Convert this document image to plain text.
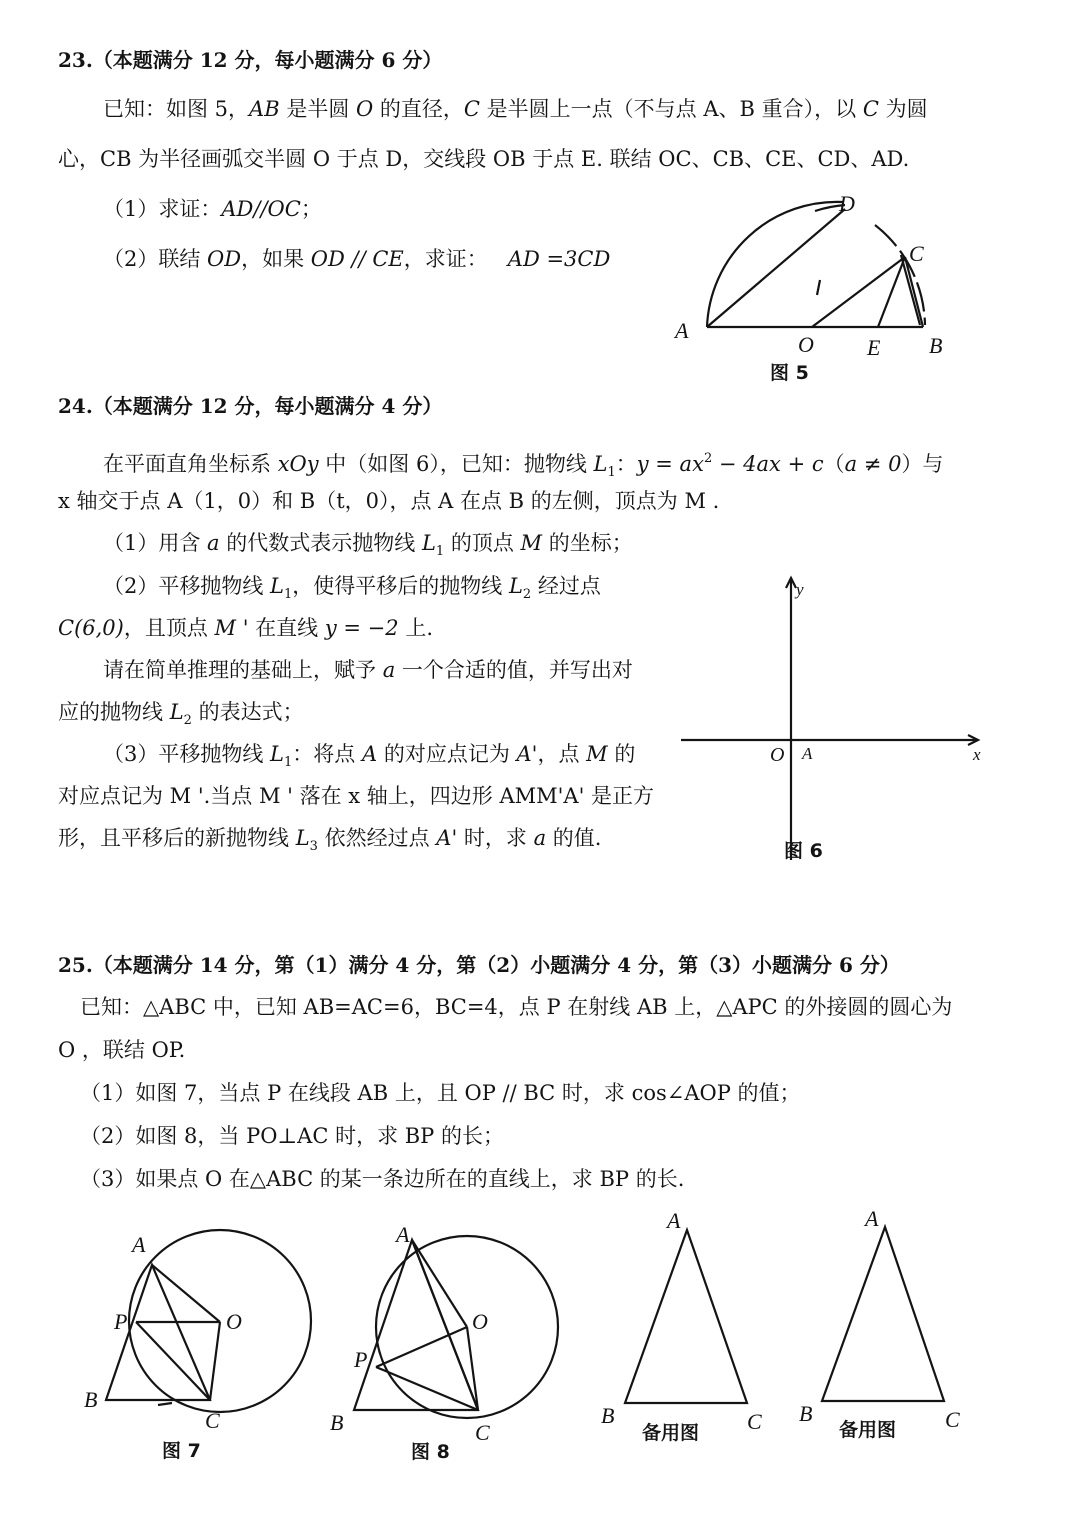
23.（本题满分 12 分，每小题满分 6 分）
已知：如图 5，AB 是半圆 O 的直径，C 是半圆上一点（不与点 A、B 重合），以 C 为圆
心，CB 为半径画弧交半圆 O 于点 D，交线段 OB 于点 E. 联结 OC、CB、CE、CD、AD.
（1）求证：AD//OC；
（2）联结 OD，如果 OD // CE，求证： AD =3CD
A
O E B
C
D
图 5
24.（本题满分 12 分，每小题满分 4 分）
在平面直角坐标系 xOy 中（如图 6），已知：抛物线 $L_1$：$y = ax^2 - 4ax + c(a \ne 0)$与
x 轴交于点 A（1，0）和 B（t，0），点 A 在点 B 的左侧，顶点为 M .
（1）用含 a 的代数式表示抛物线 $L_1$ 的顶点 M 的坐标；
（2）平移抛物线 $L_1$，使得平移后的抛物线 $L_2$ 经过点
C(6,0)，且顶点 M ' 在直线 y = −2 上.
请在简单推理的基础上，赋予 a 一个合适的值，并写出对
应的抛物线 $L_2$ 的表达式；
（3）平移抛物线 $L_1$：将点 A 的对应点记为 A'，点 M 的
对应点记为 M '.当点 M ' 落在 x 轴上，四边形 AMM'A' 是正方
形，且平移后的新抛物线 $L_3$ 依然经过点 A' 时，求 a 的值.
y
x
O A
图 6
25.（本题满分 14 分，第（1）满分 4 分，第（2）小题满分 4 分，第（3）小题满分 6 分）
已知：△ABC 中，已知 AB=AC=6，BC=4，点 P 在射线 AB 上，△APC 的外接圆的圆心为
O ，联结 OP.
（1）如图 7，当点 P 在线段 AB 上，且 OP // BC 时，求 cos∠AOP 的值；
（2）如图 8，当 PO⊥AC 时，求 BP 的长；
（3）如果点 O 在△ABC 的某一条边所在的直线上，求 BP 的长.
A
P	O
B
C
图 7
A
P
O
B	C
图 8
A
B	C
备用图
A
B	C
备用图
